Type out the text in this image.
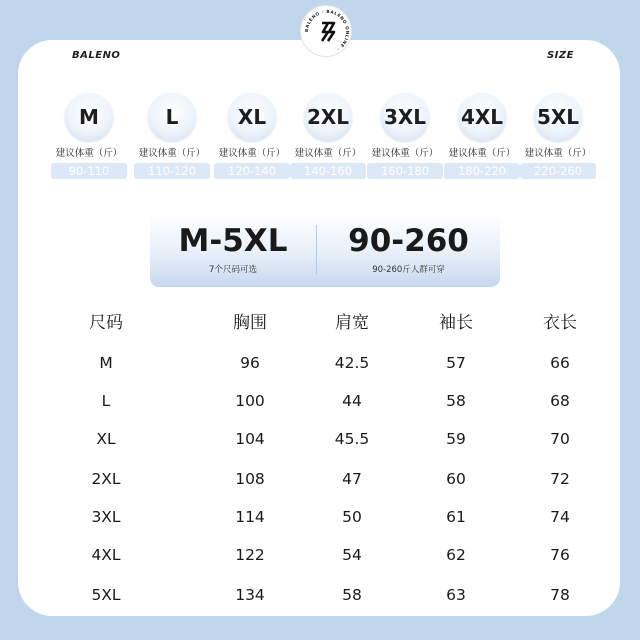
BALENO · BALENO ONLINE ·
BALENO	SIZE
M
建议体重（斤）
90-110
L
建议体重（斤）
110-120
XL
建议体重（斤）
120-140
2XL
建议体重（斤）
140-160
3XL
建议体重（斤）
160-180
4XL
建议体重（斤）
180-220
5XL
建议体重（斤）
220-260
M-5XL
7个尺码可选
90-260
90-260斤人群可穿
尺码	胸围	肩宽	袖长	衣长
M	96	42.5	57	66
L	100	44	58	68
XL	104	45.5	59	70
2XL	108	47	60	72
3XL	114	50	61	74
4XL	122	54	62	76
5XL	134	58	63	78
